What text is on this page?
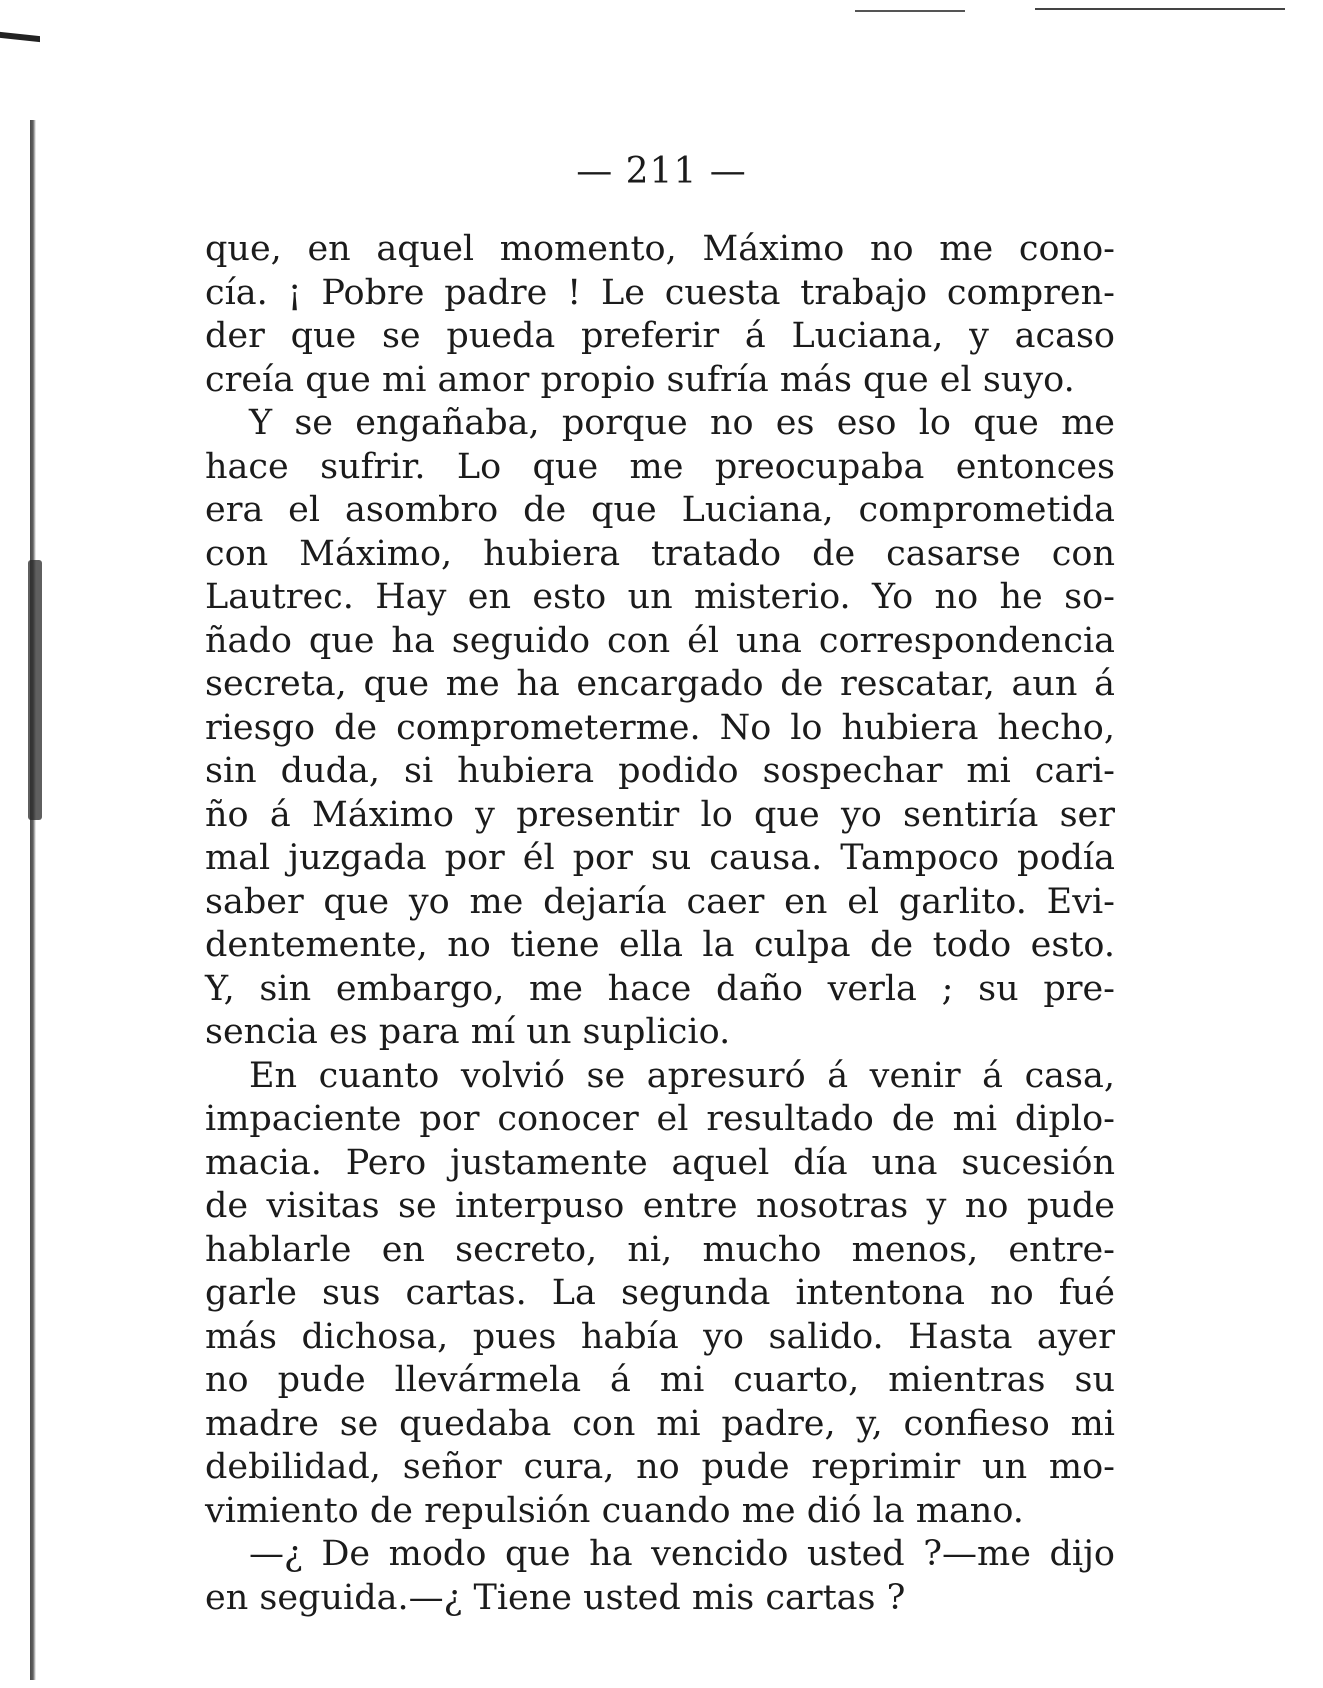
— 211 —
que, en aquel momento, Máximo no me cono-
cía. ¡ Pobre padre ! Le cuesta trabajo compren-
der que se pueda preferir á Luciana, y acaso
creía que mi amor propio sufría más que el suyo.
Y se engañaba, porque no es eso lo que me
hace sufrir. Lo que me preocupaba entonces
era el asombro de que Luciana, comprometida
con Máximo, hubiera tratado de casarse con
Lautrec. Hay en esto un misterio. Yo no he so-
ñado que ha seguido con él una correspondencia
secreta, que me ha encargado de rescatar, aun á
riesgo de comprometerme. No lo hubiera hecho,
sin duda, si hubiera podido sospechar mi cari-
ño á Máximo y presentir lo que yo sentiría ser
mal juzgada por él por su causa. Tampoco podía
saber que yo me dejaría caer en el garlito. Evi-
dentemente, no tiene ella la culpa de todo esto.
Y, sin embargo, me hace daño verla ; su pre-
sencia es para mí un suplicio.
En cuanto volvió se apresuró á venir á casa,
impaciente por conocer el resultado de mi diplo-
macia. Pero justamente aquel día una sucesión
de visitas se interpuso entre nosotras y no pude
hablarle en secreto, ni, mucho menos, entre-
garle sus cartas. La segunda intentona no fué
más dichosa, pues había yo salido. Hasta ayer
no pude llevármela á mi cuarto, mientras su
madre se quedaba con mi padre, y, confieso mi
debilidad, señor cura, no pude reprimir un mo-
vimiento de repulsión cuando me dió la mano.
—¿ De modo que ha vencido usted ?—me dijo
en seguida.—¿ Tiene usted mis cartas ?
